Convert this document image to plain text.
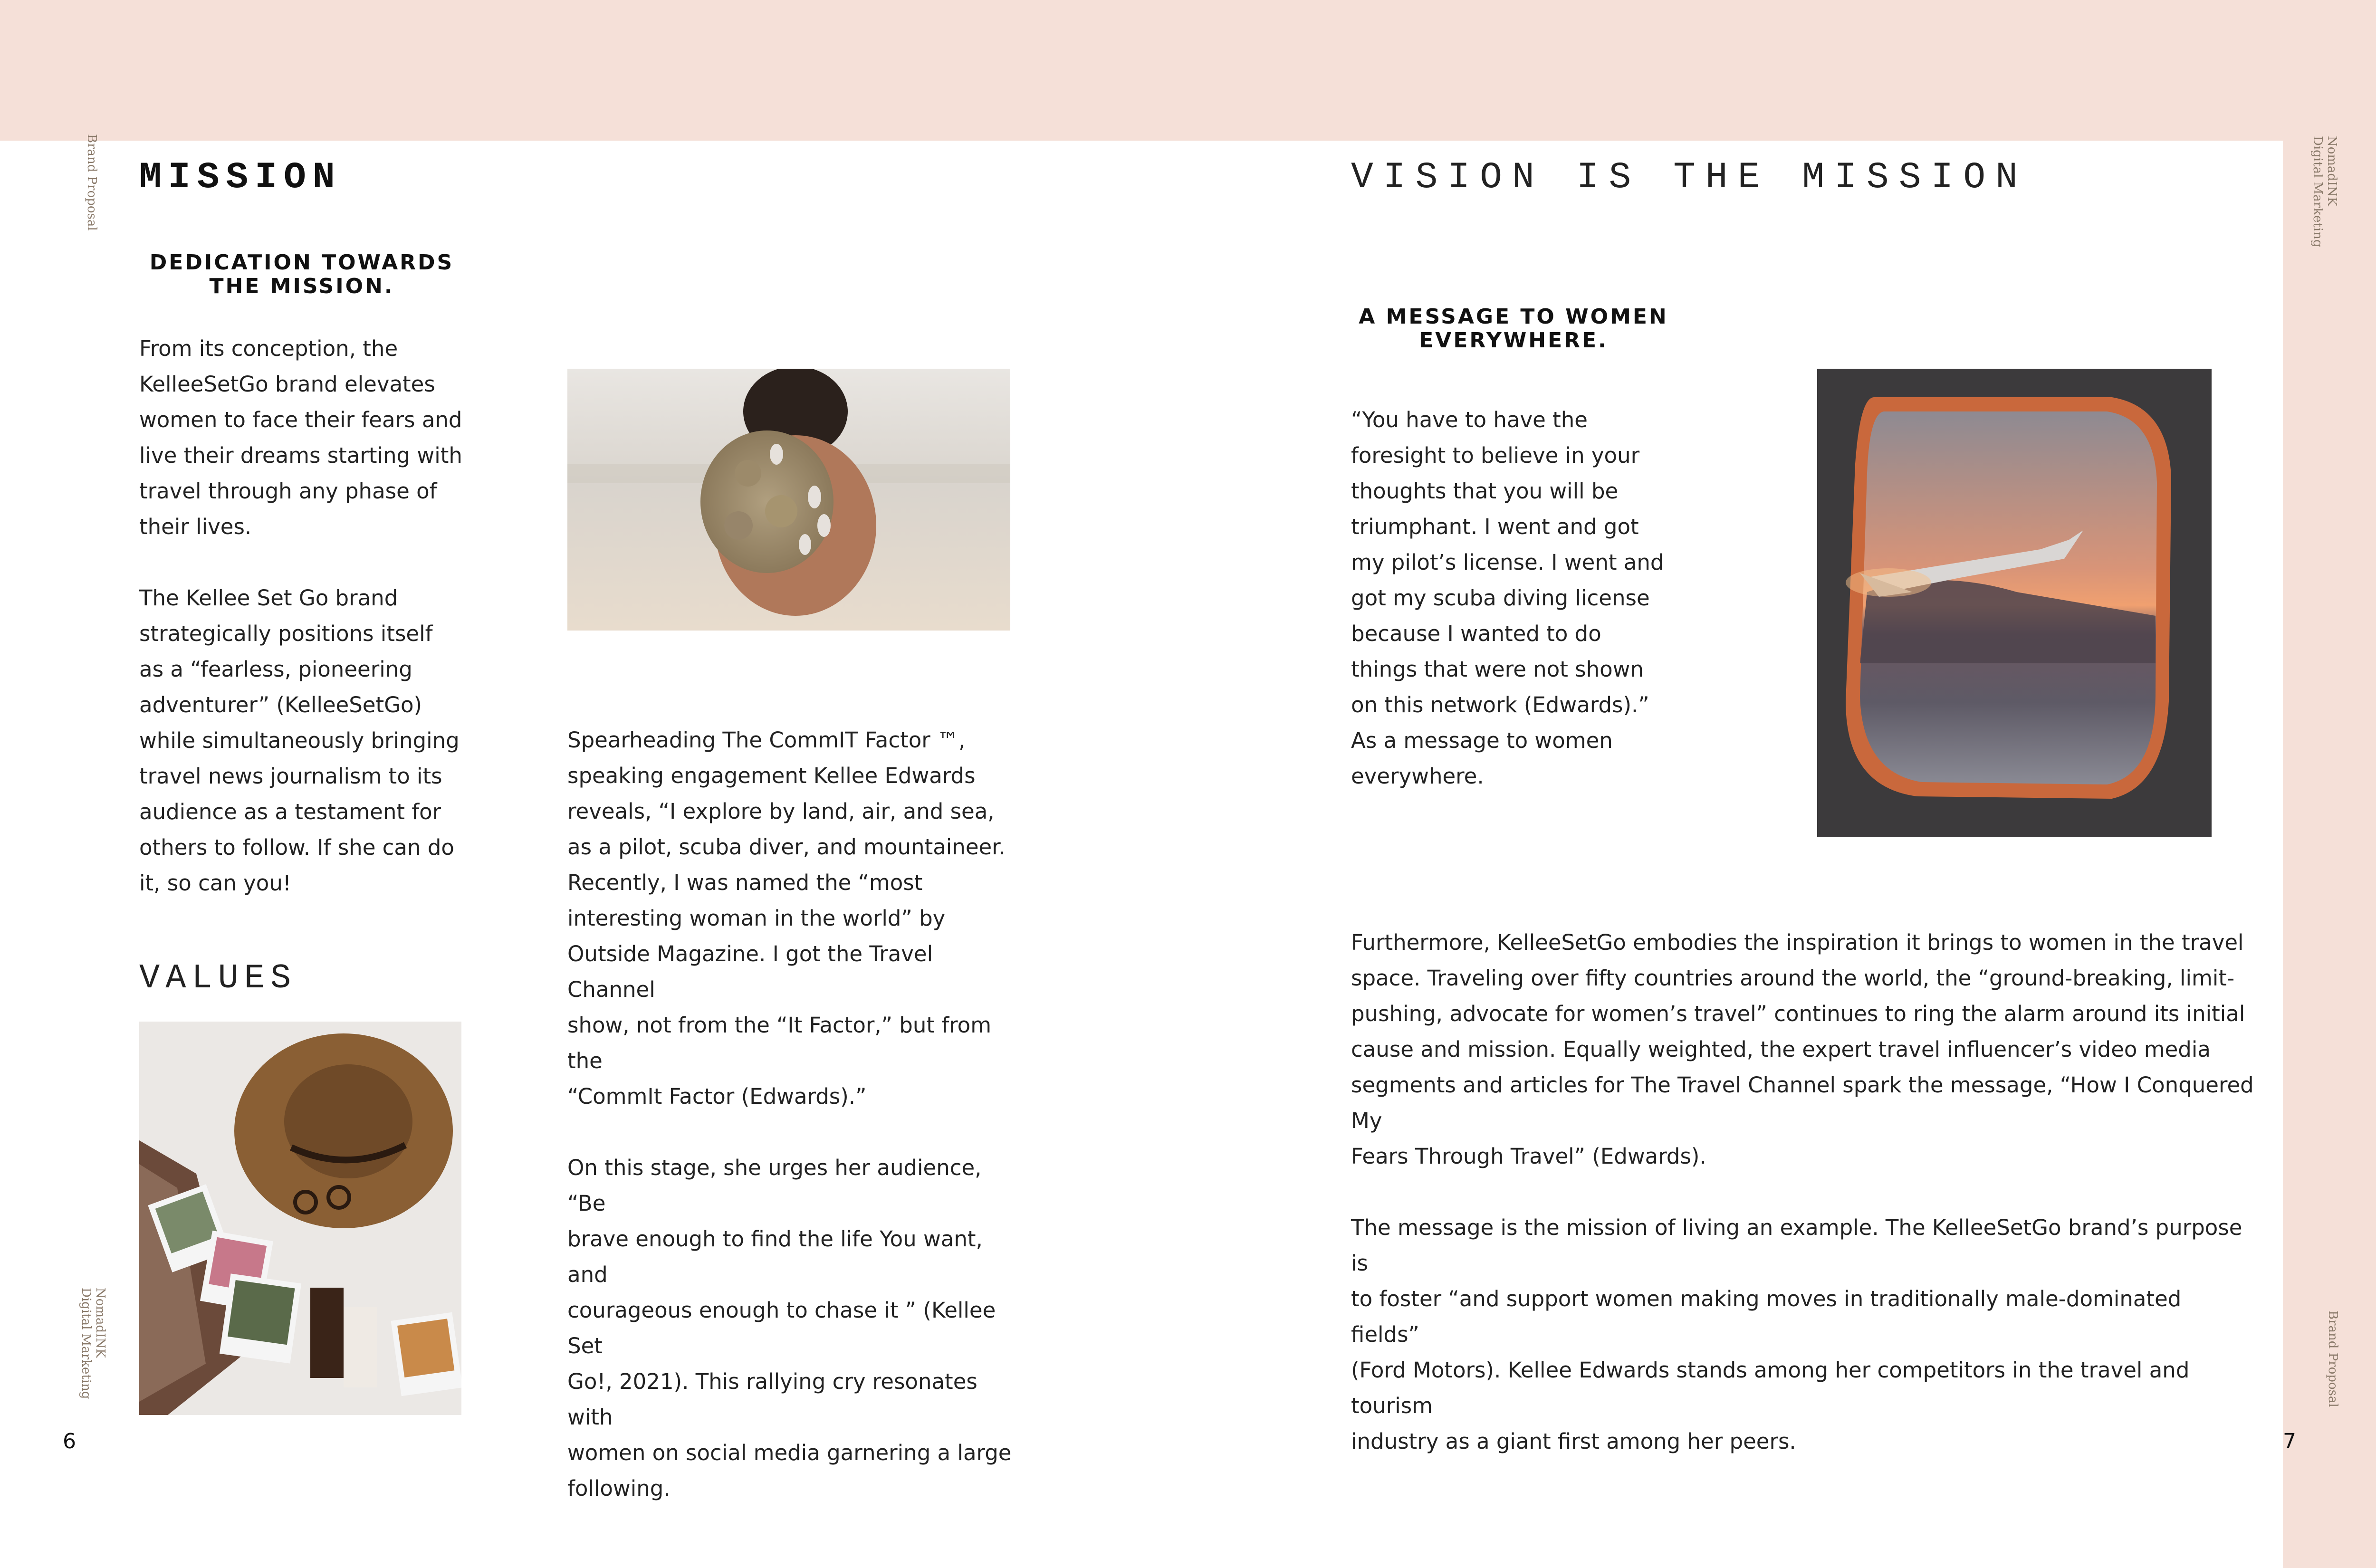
Brand Proposal MISSION
DEDICATION TOWARDS
THE MISSION.

From its conception, the
KelleeSetGo brand elevates
women to face their fears and
live their dreams starting with
travel through any phase of
their lives.

The Kellee Set Go brand
strategically positions itself
as a “fearless, pioneering
adventurer” (KelleeSetGo)
while simultaneously bringing
travel news journalism to its
audience as a testament for
others to follow. If she can do
it, so can you!

VALUES

Spearheading The CommIT Factor ™,
speaking engagement Kellee Edwards
reveals, “I explore by land, air, and sea,
as a pilot, scuba diver, and mountaineer.
Recently, I was named the “most
interesting woman in the world” by
Outside Magazine. I got the Travel Channel
show, not from the “It Factor,” but from the
“CommIt Factor (Edwards).”

On this stage, she urges her audience, “Be
brave enough to find the life You want, and
courageous enough to chase it ” (Kellee Set
Go!, 2021). This rallying cry resonates with
women on social media garnering a large
following.

6
NomadINK
Digital Marketing
VISION IS THE MISSION
A MESSAGE TO WOMEN
EVERYWHERE.

“You have to have the
foresight to believe in your
thoughts that you will be
triumphant. I went and got
my pilot’s license. I went and
got my scuba diving license
because I wanted to do
things that were not shown
on this network (Edwards).”
As a message to women
everywhere.

Furthermore, KelleeSetGo embodies the inspiration it brings to women in the travel
space. Traveling over fifty countries around the world, the “ground-breaking, limit-
pushing, advocate for women’s travel” continues to ring the alarm around its initial
cause and mission. Equally weighted, the expert travel influencer’s video media
segments and articles for The Travel Channel spark the message, “How I Conquered My
Fears Through Travel” (Edwards).

The message is the mission of living an example. The KelleeSetGo brand’s purpose is
to foster “and support women making moves in traditionally male-dominated fields”
(Ford Motors). Kellee Edwards stands among her competitors in the travel and tourism
industry as a giant first among her peers.	7
NomadINK
Digital Marketing
Brand Proposal
